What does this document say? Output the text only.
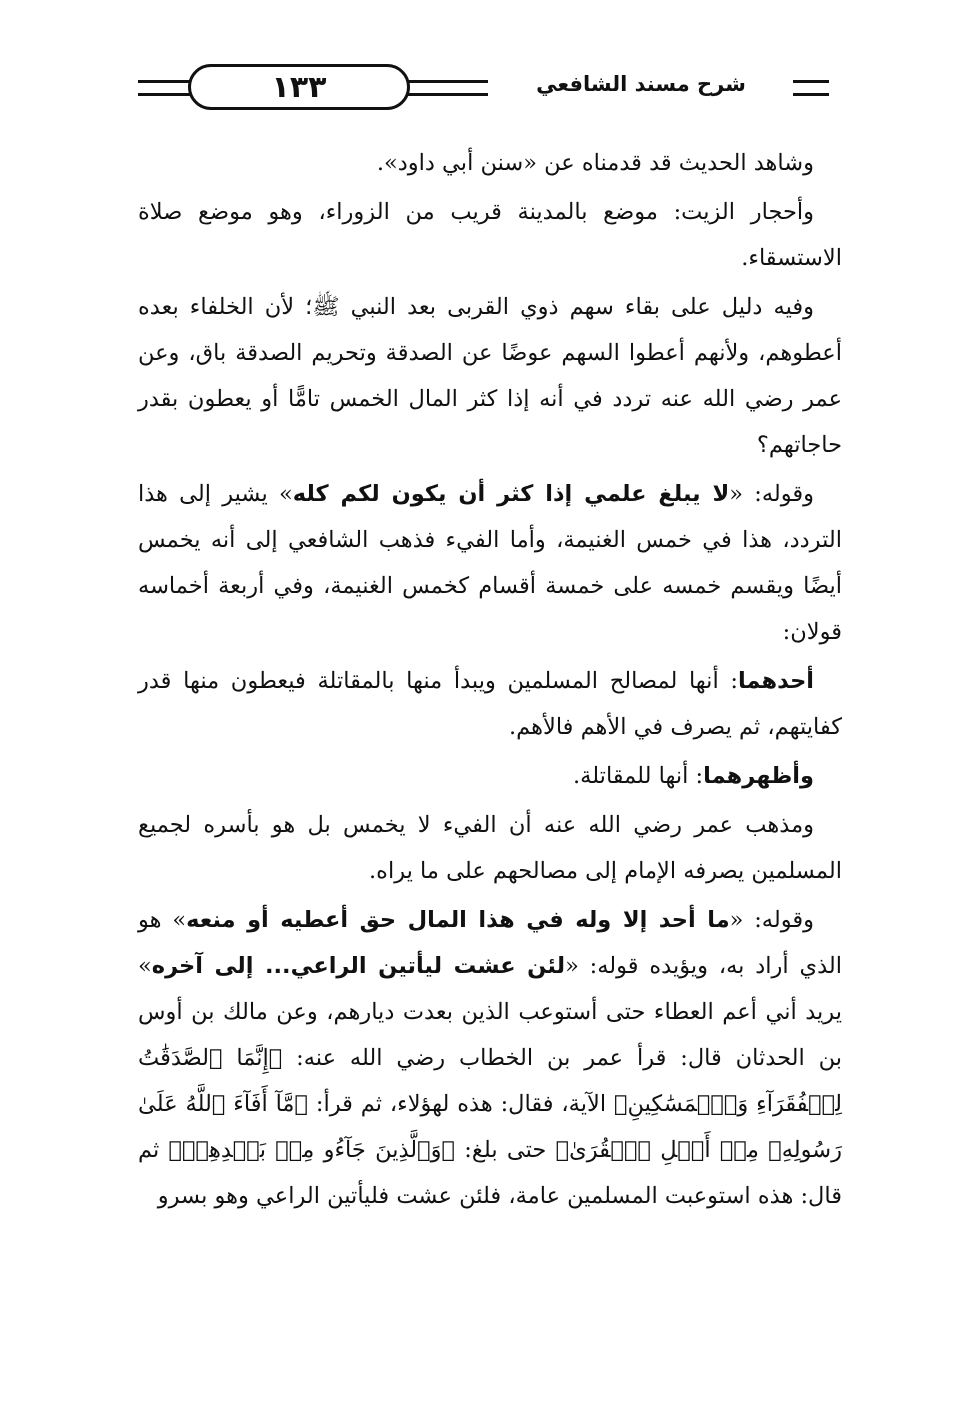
١٣٣	شرح مسند الشافعي

وشاهد الحديث قد قدمناه عن «سنن أبي داود».

وأحجار الزيت: موضع بالمدينة قريب من الزوراء، وهو موضع صلاة الاستسقاء.

وفيه دليل على بقاء سهم ذوي القربى بعد النبي ﷺ؛ لأن الخلفاء بعده أعطوهم، ولأنهم أعطوا السهم عوضًا عن الصدقة وتحريم الصدقة باق، وعن عمر رضي الله عنه تردد في أنه إذا كثر المال الخمس تامًّا أو يعطون بقدر حاجاتهم؟

وقوله: «لا يبلغ علمي إذا كثر أن يكون لكم كله» يشير إلى هذا التردد، هذا في خمس الغنيمة، وأما الفيء فذهب الشافعي إلى أنه يخمس أيضًا ويقسم خمسه على خمسة أقسام كخمس الغنيمة، وفي أربعة أخماسه قولان:

أحدهما: أنها لمصالح المسلمين ويبدأ منها بالمقاتلة فيعطون منها قدر كفايتهم، ثم يصرف في الأهم فالأهم.

وأظهرهما: أنها للمقاتلة.

ومذهب عمر رضي الله عنه أن الفيء لا يخمس بل هو بأسره لجميع المسلمين يصرفه الإمام إلى مصالحهم على ما يراه.

وقوله: «ما أحد إلا وله في هذا المال حق أعطيه أو منعه» هو الذي أراد به، ويؤيده قوله: «لئن عشت ليأتين الراعي... إلى آخره» يريد أني أعم العطاء حتى أستوعب الذين بعدت ديارهم، وعن مالك بن أوس بن الحدثان قال: قرأ عمر بن الخطاب رضي الله عنه: ﴿إِنَّمَا ٱلصَّدَقَٰتُ لِلۡفُقَرَآءِ وَٱلۡمَسَٰكِينِ﴾ الآية، فقال: هذه لهؤلاء، ثم قرأ: ﴿مَّآ أَفَآءَ ٱللَّهُ عَلَىٰ رَسُولِهِۦ مِنۡ أَهۡلِ ٱلۡقُرَىٰ﴾ حتى بلغ: ﴿وَٱلَّذِينَ جَآءُو مِنۢ بَعۡدِهِمۡ﴾ ثم قال: هذه استوعبت المسلمين عامة، فلئن عشت فليأتين الراعي وهو بسرو
